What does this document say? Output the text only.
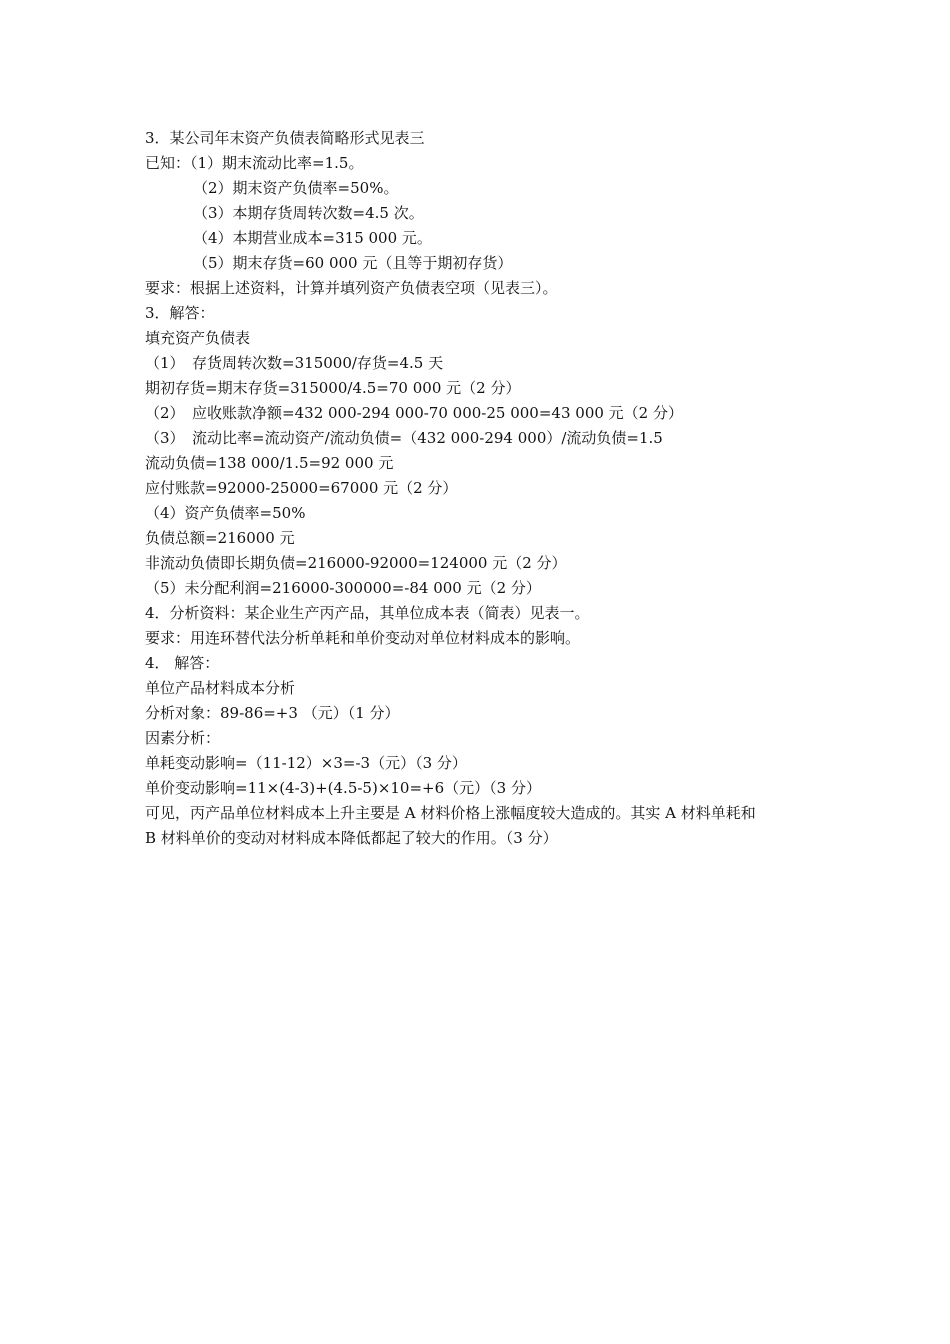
3．某公司年末资产负债表简略形式见表三
已知：（1）期末流动比率=1.5。
（2）期末资产负债率=50%。
（3）本期存货周转次数=4.5 次。
（4）本期营业成本=315 000 元。
（5）期末存货=60 000 元（且等于期初存货）
要求：根据上述资料，计算并填列资产负债表空项（见表三）。
3．解答：
填充资产负债表
（1）　存货周转次数=315000/存货=4.5 天
期初存货=期末存货=315000/4.5=70 000 元（2 分）
（2）　应收账款净额=432 000-294 000-70 000-25 000=43 000 元（2 分）
（3）　流动比率=流动资产/流动负债=（432 000-294 000）/流动负债=1.5
流动负债=138 000/1.5=92 000 元
应付账款=92000-25000=67000 元（2 分）
（4）资产负债率=50%
负债总额=216000 元
非流动负债即长期负债=216000-92000=124000 元（2 分）
（5）未分配利润=216000-300000=-84 000 元（2 分）
4．分析资料：某企业生产丙产品，其单位成本表（简表）见表一。
要求：用连环替代法分析单耗和单价变动对单位材料成本的影响。
4． 解答：
单位产品材料成本分析
分析对象：89-86=+3 （元）（1 分）
因素分析：
单耗变动影响=（11-12）×3=-3（元）（3 分）
单价变动影响=11×(4-3)+(4.5-5)×10=+6（元）（3 分）
可见，丙产品单位材料成本上升主要是 A 材料价格上涨幅度较大造成的。其实 A 材料单耗和
B 材料单价的变动对材料成本降低都起了较大的作用。（3 分）
